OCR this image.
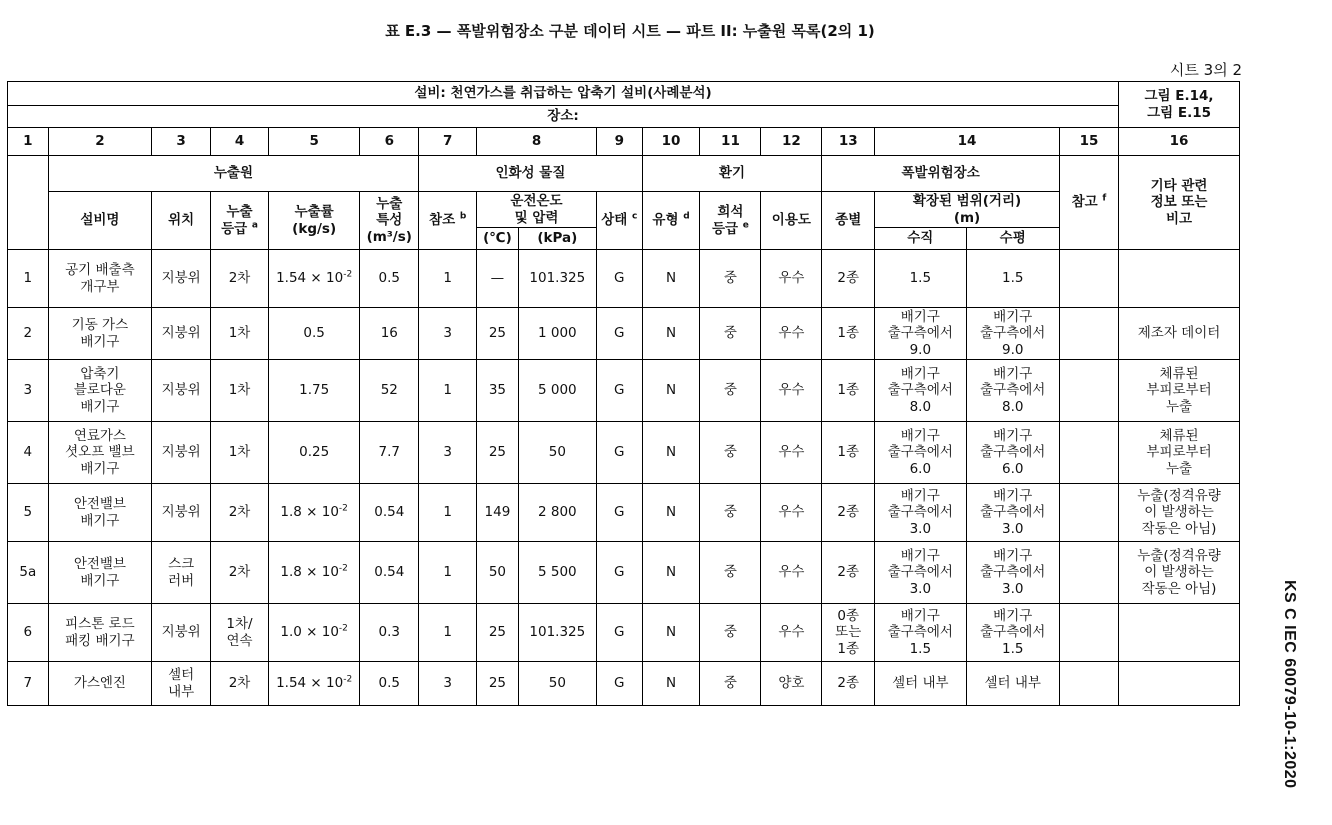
표 E.3 — 폭발위험장소 구분 데이터 시트 — 파트 II: 누출원 목록(2의 1)
시트 3의 2
KS C IEC 60079-10-1:2020
설비: 천연가스를 취급하는 압축기 설비(사례분석)																	그림 E.14,
그림 E.15
장소:																	
1	2	3	4	5	6	7	8		9	10	11	12	13	14		15	16
	누출원					인화성 물질				환기			폭발위험장소			참고 $^f$	기타 관련
정보 또는
비고
	설비명	위치	누출
등급 $^a$	누출률
(kg/s)	누출
특성
(m³/s)	참조 $^b$	운전온도
및 압력		상태 $^c$	유형 $^d$	희석
등급 $^e$	이용도	종별	확장된 범위(거리)
(m)			

							(℃)	(kPa)						수직	수평		
1	공기 배출측
개구부	지붕위	2차	$1.54 \times 10^{-2}$	0.5	1	—	101.325	G	N	중	우수	2종	1.5	1.5		
2	기동 가스
배기구	지붕위	1차	0.5	16	3	25	1 000	G	N	중	우수	1종	배기구
출구측에서
9.0	배기구
출구측에서
9.0		제조자 데이터
3	압축기
블로다운
배기구	지붕위	1차	1.75	52	1	35	5 000	G	N	중	우수	1종	배기구
출구측에서
8.0	배기구
출구측에서
8.0		체류된
부피로부터
누출
4	연료가스
셧오프 밸브
배기구	지붕위	1차	0.25	7.7	3	25	50	G	N	중	우수	1종	배기구
출구측에서
6.0	배기구
출구측에서
6.0		체류된
부피로부터
누출
5	안전밸브
배기구	지붕위	2차	$1.8 \times 10^{-2}$	0.54	1	149	2 800	G	N	중	우수	2종	배기구
출구측에서
3.0	배기구
출구측에서
3.0		누출(정격유량
이 발생하는
작동은 아님)
5a	안전밸브
배기구	스크
러버	2차	$1.8 \times 10^{-2}$	0.54	1	50	5 500	G	N	중	우수	2종	배기구
출구측에서
3.0	배기구
출구측에서
3.0		누출(정격유량
이 발생하는
작동은 아님)
6	피스톤 로드
패킹 배기구	지붕위	1차/
연속	$1.0 \times 10^{-2}$	0.3	1	25	101.325	G	N	중	우수	0종
또는
1종	배기구
출구측에서
1.5	배기구
출구측에서
1.5		
7	가스엔진	셀터
내부	2차	$1.54 \times 10^{-2}$	0.5	3	25	50	G	N	중	양호	2종	셀터 내부	셀터 내부		
